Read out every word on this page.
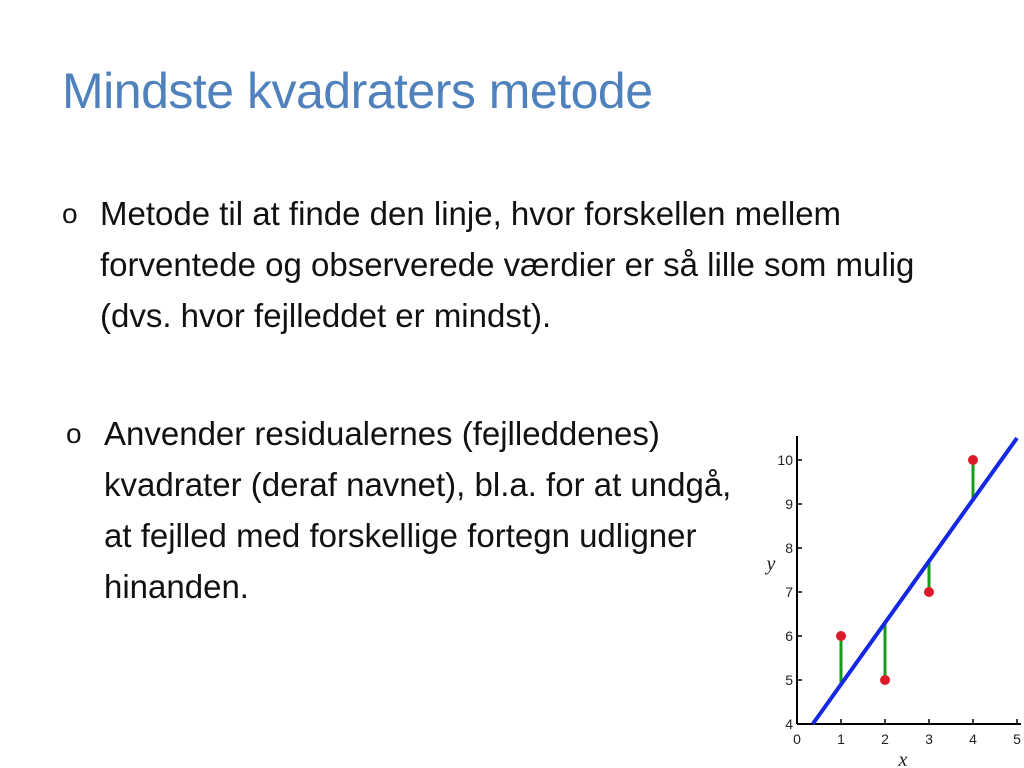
Mindste kvadraters metode
o Metode til at finde den linje, hvor forskellen mellem forventede og observerede værdier er så lille som mulig (dvs. hvor fejlleddet er mindst).
o Anvender residualernes (fejlleddenes) kvadrater (deraf navnet), bl.a. for at undgå, at fejlled med forskellige fortegn udligner hinanden.
0	1	2	3	4	5
4
5
6
7
8
9
10
x
y
